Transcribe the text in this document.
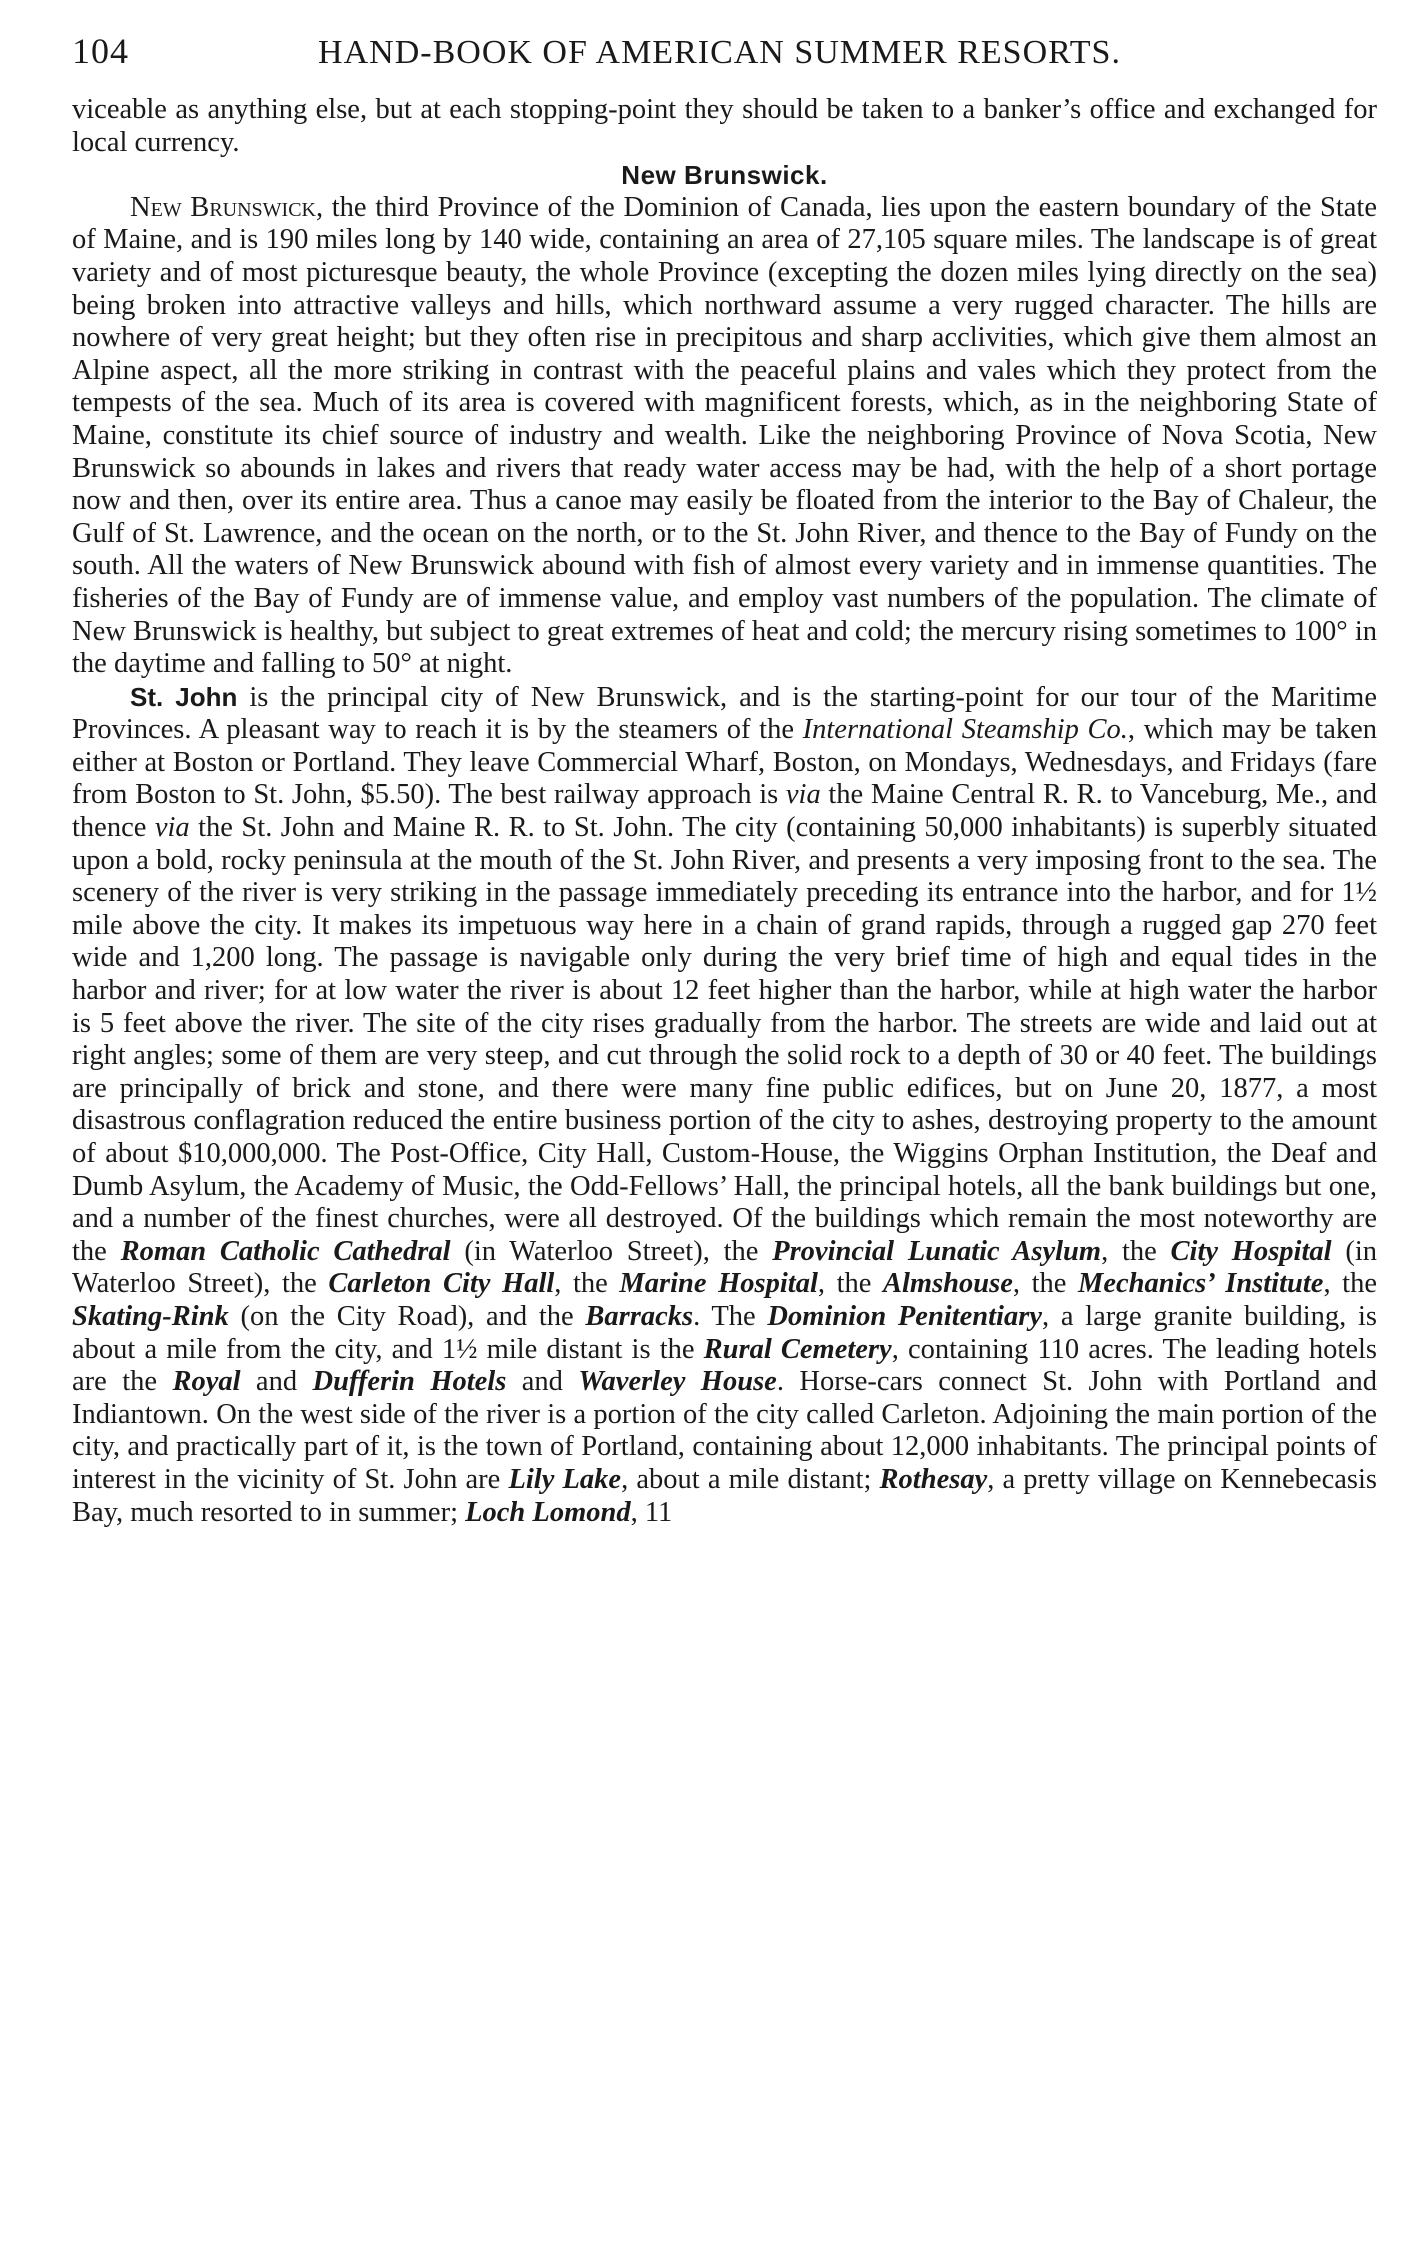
104	HAND-BOOK OF AMERICAN SUMMER RESORTS.

viceable as anything else, but at each stopping-point they should be taken to a banker’s office and exchanged for local currency.

New Brunswick.

New Brunswick, the third Province of the Dominion of Canada, lies upon the eastern boundary of the State of Maine, and is 190 miles long by 140 wide, containing an area of 27,105 square miles. The landscape is of great variety and of most picturesque beauty, the whole Province (excepting the dozen miles lying directly on the sea) being broken into attractive valleys and hills, which northward assume a very rugged character. The hills are nowhere of very great height; but they often rise in precipitous and sharp acclivities, which give them almost an Alpine aspect, all the more striking in contrast with the peaceful plains and vales which they protect from the tempests of the sea. Much of its area is covered with magnificent forests, which, as in the neighboring State of Maine, constitute its chief source of industry and wealth. Like the neighboring Province of Nova Scotia, New Brunswick so abounds in lakes and rivers that ready water access may be had, with the help of a short portage now and then, over its entire area. Thus a canoe may easily be floated from the interior to the Bay of Chaleur, the Gulf of St. Lawrence, and the ocean on the north, or to the St. John River, and thence to the Bay of Fundy on the south. All the waters of New Brunswick abound with fish of almost every variety and in immense quantities. The fisheries of the Bay of Fundy are of immense value, and employ vast numbers of the population. The climate of New Brunswick is healthy, but subject to great extremes of heat and cold; the mercury rising sometimes to 100° in the daytime and falling to 50° at night.

St. John is the principal city of New Brunswick, and is the starting-point for our tour of the Maritime Provinces. A pleasant way to reach it is by the steamers of the International Steamship Co., which may be taken either at Boston or Portland. They leave Commercial Wharf, Boston, on Mondays, Wednesdays, and Fridays (fare from Boston to St. John, $5.50). The best railway approach is via the Maine Central R. R. to Vanceburg, Me., and thence via the St. John and Maine R. R. to St. John. The city (containing 50,000 inhabitants) is superbly situated upon a bold, rocky peninsula at the mouth of the St. John River, and presents a very imposing front to the sea. The scenery of the river is very striking in the passage immediately preceding its entrance into the harbor, and for 1½ mile above the city. It makes its impetuous way here in a chain of grand rapids, through a rugged gap 270 feet wide and 1,200 long. The passage is navigable only during the very brief time of high and equal tides in the harbor and river; for at low water the river is about 12 feet higher than the harbor, while at high water the harbor is 5 feet above the river. The site of the city rises gradually from the harbor. The streets are wide and laid out at right angles; some of them are very steep, and cut through the solid rock to a depth of 30 or 40 feet. The buildings are principally of brick and stone, and there were many fine public edifices, but on June 20, 1877, a most disastrous conflagration reduced the entire business portion of the city to ashes, destroying property to the amount of about $10,000,000. The Post-Office, City Hall, Custom-House, the Wiggins Orphan Institution, the Deaf and Dumb Asylum, the Academy of Music, the Odd-Fellows’ Hall, the principal hotels, all the bank buildings but one, and a number of the finest churches, were all destroyed. Of the buildings which remain the most noteworthy are the Roman Catholic Cathedral (in Waterloo Street), the Provincial Lunatic Asylum, the City Hospital (in Waterloo Street), the Carleton City Hall, the Marine Hospital, the Almshouse, the Mechanics’ Institute, the Skating-Rink (on the City Road), and the Barracks. The Dominion Penitentiary, a large granite building, is about a mile from the city, and 1½ mile distant is the Rural Cemetery, containing 110 acres. The leading hotels are the Royal and Dufferin Hotels and Waverley House. Horse-cars connect St. John with Portland and Indiantown. On the west side of the river is a portion of the city called Carleton. Adjoining the main portion of the city, and practically part of it, is the town of Portland, containing about 12,000 inhabitants. The principal points of interest in the vicinity of St. John are Lily Lake, about a mile distant; Rothesay, a pretty village on Kennebecasis Bay, much resorted to in summer; Loch Lomond, 11
